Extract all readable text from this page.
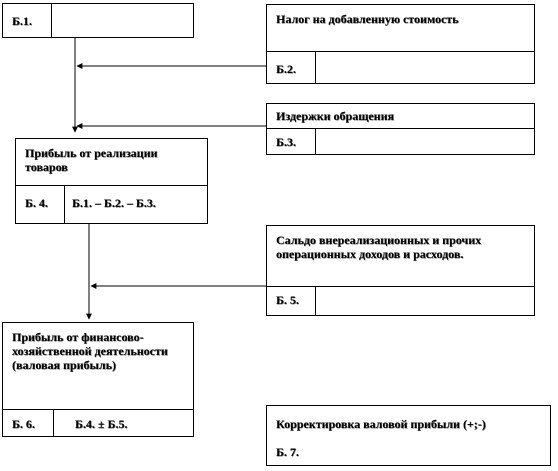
Б.1.	Налог на добавленную стоимость
Б.2.
Издержки обращения
Б.3.
Прибыль от реализации товаров
Б. 4.	Б.1. – Б.2. – Б.3.
Сальдо внереализационных и прочих операционных доходов и расходов.
Б. 5.
Прибыль от финансово-хозяйственной деятельности (валовая прибыль)
Б. 6.	Б.4. ± Б.5.	Корректировка валовой прибыли (+;-)
Б. 7.
